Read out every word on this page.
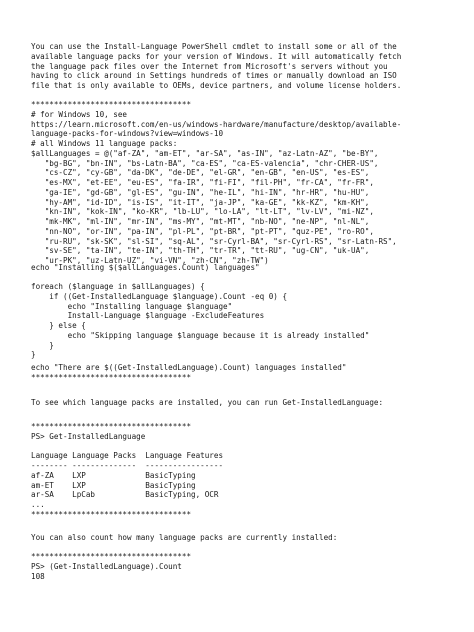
You can use the Install-Language PowerShell cmdlet to install some or all of the
available language packs for your version of Windows. It will automatically fetch
the language pack files over the Internet from Microsoft's servers without you
having to click around in Settings hundreds of times or manually download an ISO
file that is only available to OEMs, device partners, and volume license holders.
***********************************
# for Windows 10, see
https://learn.microsoft.com/en-us/windows-hardware/manufacture/desktop/available-
language-packs-for-windows?view=windows-10
# all Windows 11 language packs:
$allLanguages = @("af-ZA", "am-ET", "ar-SA", "as-IN", "az-Latn-AZ", "be-BY",
"bg-BG", "bn-IN", "bs-Latn-BA", "ca-ES", "ca-ES-valencia", "chr-CHER-US",
"cs-CZ", "cy-GB", "da-DK", "de-DE", "el-GR", "en-GB", "en-US", "es-ES",
"es-MX", "et-EE", "eu-ES", "fa-IR", "fi-FI", "fil-PH", "fr-CA", "fr-FR",
"ga-IE", "gd-GB", "gl-ES", "gu-IN", "he-IL", "hi-IN", "hr-HR", "hu-HU",
"hy-AM", "id-ID", "is-IS", "it-IT", "ja-JP", "ka-GE", "kk-KZ", "km-KH",
"kn-IN", "kok-IN", "ko-KR", "lb-LU", "lo-LA", "lt-LT", "lv-LV", "mi-NZ",
"mk-MK", "ml-IN", "mr-IN", "ms-MY", "mt-MT", "nb-NO", "ne-NP", "nl-NL",
"nn-NO", "or-IN", "pa-IN", "pl-PL", "pt-BR", "pt-PT", "quz-PE", "ro-RO",
"ru-RU", "sk-SK", "sl-SI", "sq-AL", "sr-Cyrl-BA", "sr-Cyrl-RS", "sr-Latn-RS",
"sv-SE", "ta-IN", "te-IN", "th-TH", "tr-TR", "tt-RU", "ug-CN", "uk-UA",
"ur-PK", "uz-Latn-UZ", "vi-VN", "zh-CN", "zh-TW")
echo "Installing $($allLanguages.Count) languages"
foreach ($language in $allLanguages) {
if ((Get-InstalledLanguage $language).Count -eq 0) {
echo "Installing language $language"
Install-Language $language -ExcludeFeatures
} else {
echo "Skipping language $language because it is already installed"
}
}
echo "There are $((Get-InstalledLanguage).Count) languages installed"
***********************************
To see which language packs are installed, you can run Get-InstalledLanguage:
***********************************
PS> Get-InstalledLanguage

Language Language Packs  Language Features
-------- --------------  -----------------
af-ZA    LXP             BasicTyping
am-ET    LXP             BasicTyping
ar-SA    LpCab           BasicTyping, OCR
...
***********************************
You can also count how many language packs are currently installed:
***********************************
PS> (Get-InstalledLanguage).Count
108
